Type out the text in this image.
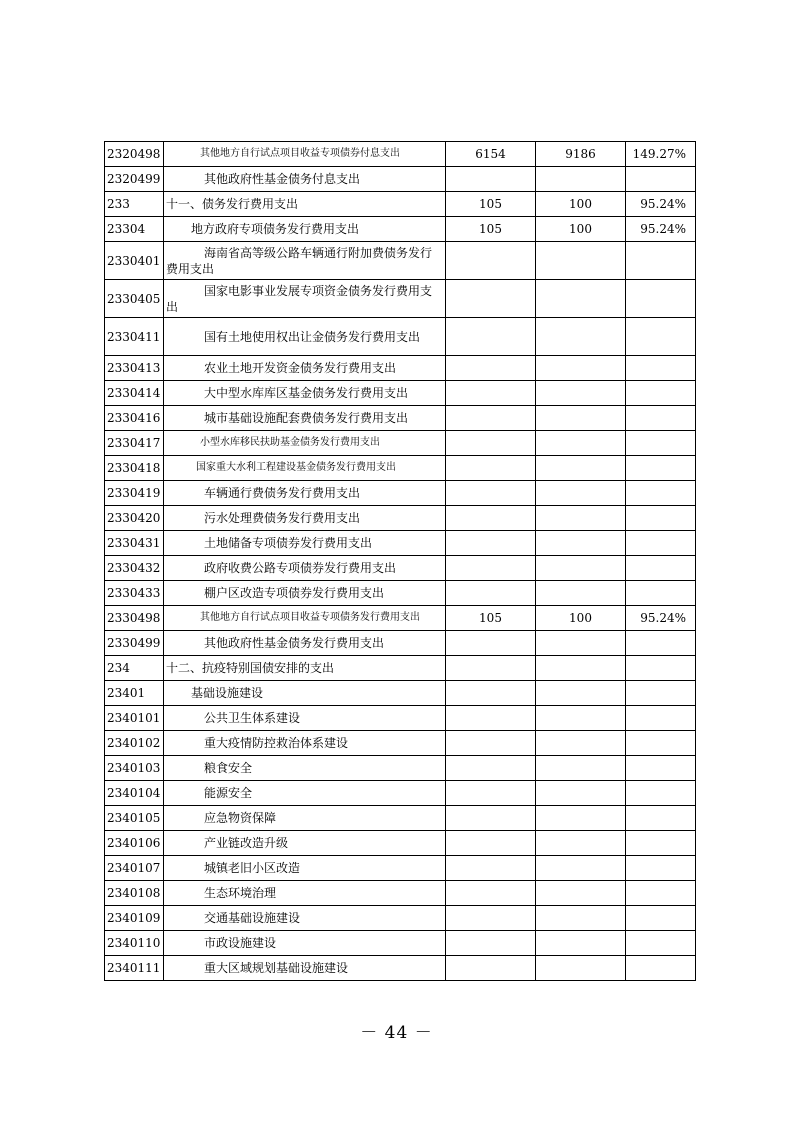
2320498	其他地方自行试点项目收益专项债券付息支出	6154	9186	149.27%
2320499	其他政府性基金债务付息支出			
233	十一、债务发行费用支出	105	100	95.24%
23304	地方政府专项债务发行费用支出	105	100	95.24%
2330401	海南省高等级公路车辆通行附加费债务发行费用支出			
2330405	国家电影事业发展专项资金债务发行费用支出			
2330411	国有土地使用权出让金债务发行费用支出			
2330413	农业土地开发资金债务发行费用支出			
2330414	大中型水库库区基金债务发行费用支出			
2330416	城市基础设施配套费债务发行费用支出			
2330417	小型水库移民扶助基金债务发行费用支出			
2330418	国家重大水利工程建设基金债务发行费用支出			
2330419	车辆通行费债务发行费用支出			
2330420	污水处理费债务发行费用支出			
2330431	土地储备专项债券发行费用支出			
2330432	政府收费公路专项债券发行费用支出			
2330433	棚户区改造专项债券发行费用支出			
2330498	其他地方自行试点项目收益专项债务发行费用支出	105	100	95.24%
2330499	其他政府性基金债务发行费用支出			
234	十二、抗疫特别国债安排的支出			
23401	基础设施建设			
2340101	公共卫生体系建设			
2340102	重大疫情防控救治体系建设			
2340103	粮食安全			
2340104	能源安全			
2340105	应急物资保障			
2340106	产业链改造升级			
2340107	城镇老旧小区改造			
2340108	生态环境治理			
2340109	交通基础设施建设			
2340110	市政设施建设			
2340111	重大区域规划基础设施建设			
－ 44 －
